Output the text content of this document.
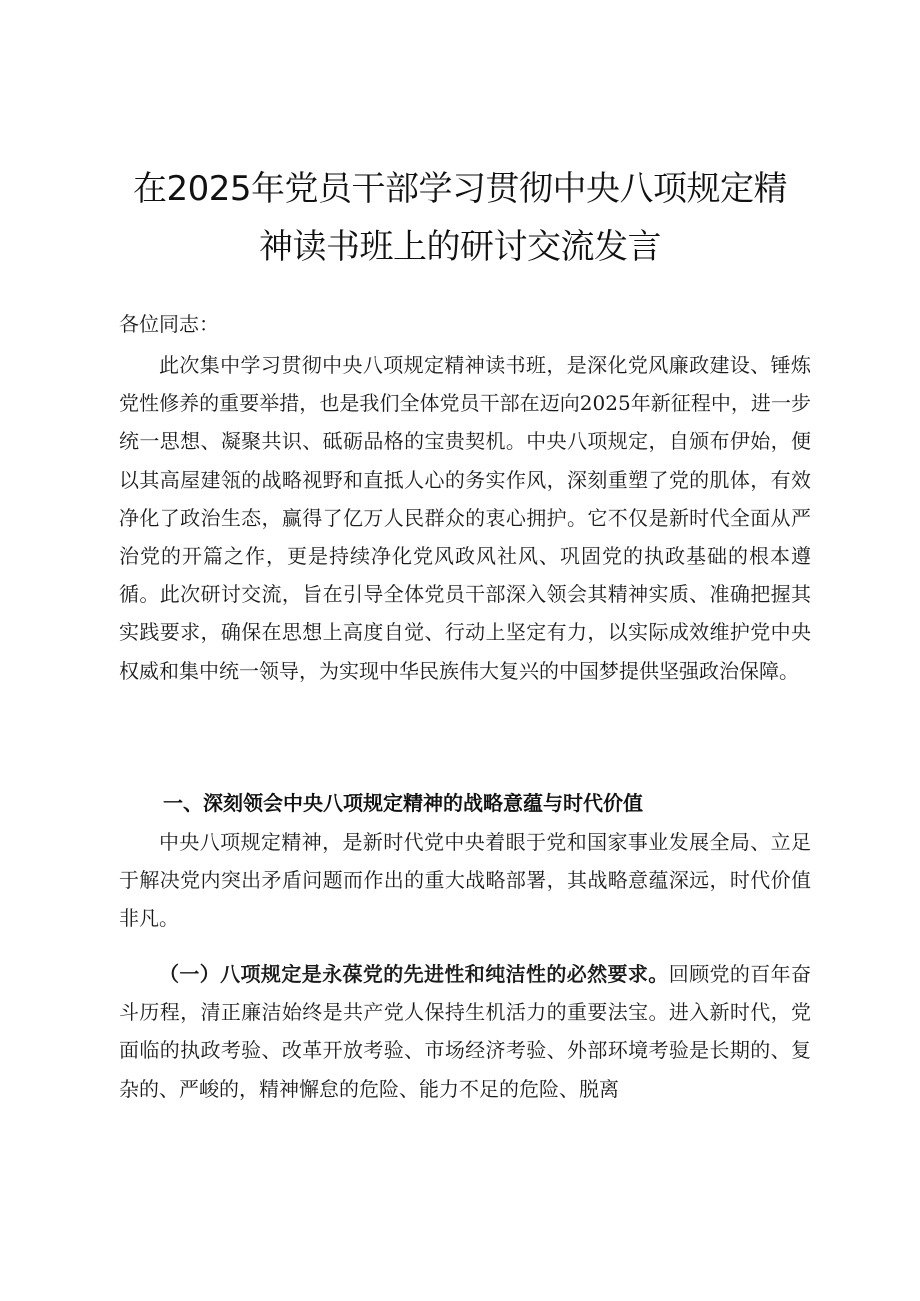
在2025年党员干部学习贯彻中央八项规定精
神读书班上的研讨交流发言
各位同志：

此次集中学习贯彻中央八项规定精神读书班，是深化党风廉政建设、锤炼党性修养的重要举措，也是我们全体党员干部在迈向2025年新征程中，进一步统一思想、凝聚共识、砥砺品格的宝贵契机。中央八项规定，自颁布伊始，便以其高屋建瓴的战略视野和直抵人心的务实作风，深刻重塑了党的肌体，有效净化了政治生态，赢得了亿万人民群众的衷心拥护。它不仅是新时代全面从严治党的开篇之作，更是持续净化党风政风社风、巩固党的执政基础的根本遵循。此次研讨交流，旨在引导全体党员干部深入领会其精神实质、准确把握其实践要求，确保在思想上高度自觉、行动上坚定有力，以实际成效维护党中央权威和集中统一领导，为实现中华民族伟大复兴的中国梦提供坚强政治保障。

一、深刻领会中央八项规定精神的战略意蕴与时代价值

中央八项规定精神，是新时代党中央着眼于党和国家事业发展全局、立足于解决党内突出矛盾问题而作出的重大战略部署，其战略意蕴深远，时代价值非凡。

（一）八项规定是永葆党的先进性和纯洁性的必然要求。回顾党的百年奋斗历程，清正廉洁始终是共产党人保持生机活力的重要法宝。进入新时代，党面临的执政考验、改革开放考验、市场经济考验、外部环境考验是长期的、复杂的、严峻的，精神懈怠的危险、能力不足的危险、脱离
